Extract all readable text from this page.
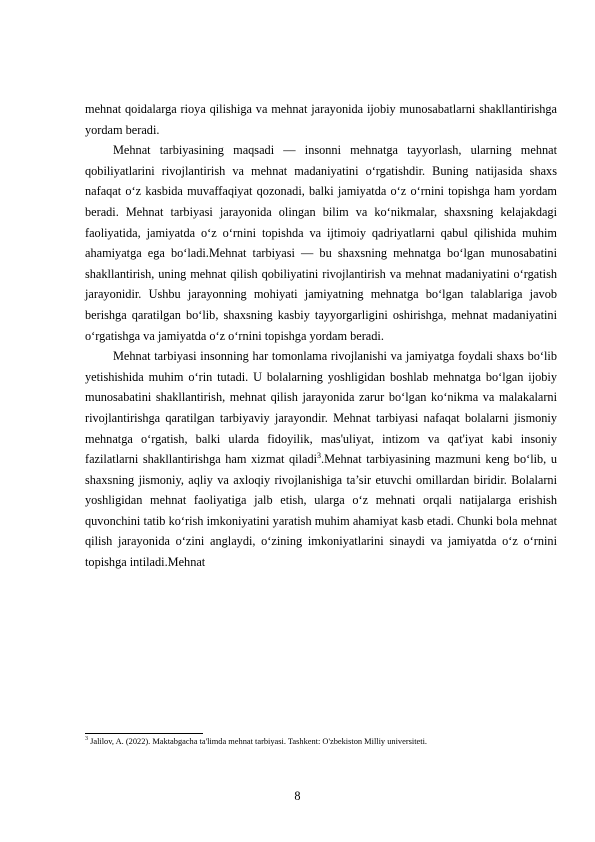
mehnat qoidalarga rioya qilishiga va mehnat jarayonida ijobiy munosabatlarni shakllantirishga yordam beradi.

Mehnat tarbiyasining maqsadi — insonni mehnatga tayyorlash, ularning mehnat qobiliyatlarini rivojlantirish va mehnat madaniyatini o‘rgatishdir. Buning natijasida shaxs nafaqat o‘z kasbida muvaffaqiyat qozonadi, balki jamiyatda o‘z o‘rnini topishga ham yordam beradi. Mehnat tarbiyasi jarayonida olingan bilim va ko‘nikmalar, shaxsning kelajakdagi faoliyatida, jamiyatda o‘z o‘rnini topishda va ijtimoiy qadriyatlarni qabul qilishida muhim ahamiyatga ega bo‘ladi.Mehnat tarbiyasi — bu shaxsning mehnatga bo‘lgan munosabatini shakllantirish, uning mehnat qilish qobiliyatini rivojlantirish va mehnat madaniyatini o‘rgatish jarayonidir. Ushbu jarayonning mohiyati jamiyatning mehnatga bo‘lgan talablariga javob berishga qaratilgan bo‘lib, shaxsning kasbiy tayyorgarligini oshirishga, mehnat madaniyatini o‘rgatishga va jamiyatda o‘z o‘rnini topishga yordam beradi.

Mehnat tarbiyasi insonning har tomonlama rivojlanishi va jamiyatga foydali shaxs bo‘lib yetishishida muhim o‘rin tutadi. U bolalarning yoshligidan boshlab mehnatga bo‘lgan ijobiy munosabatini shakllantirish, mehnat qilish jarayonida zarur bo‘lgan ko‘nikma va malakalarni rivojlantirishga qaratilgan tarbiyaviy jarayondir. Mehnat tarbiyasi nafaqat bolalarni jismoniy mehnatga o‘rgatish, balki ularda fidoyilik, mas'uliyat, intizom va qat'iyat kabi insoniy fazilatlarni shakllantirishga ham xizmat qiladi$^3$.Mehnat tarbiyasining mazmuni keng bo‘lib, u shaxsning jismoniy, aqliy va axloqiy rivojlanishiga ta’sir etuvchi omillardan biridir. Bolalarni yoshligidan mehnat faoliyatiga jalb etish, ularga o‘z mehnati orqali natijalarga erishish quvonchini tatib ko‘rish imkoniyatini yaratish muhim ahamiyat kasb etadi. Chunki bola mehnat qilish jarayonida o‘zini anglaydi, o‘zining imkoniyatlarini sinaydi va jamiyatda o‘z o‘rnini topishga intiladi.Mehnat

$^3$ Jalilov, A. (2022). Maktabgacha ta'limda mehnat tarbiyasi. Tashkent: O'zbekiston Milliy universiteti.
8
